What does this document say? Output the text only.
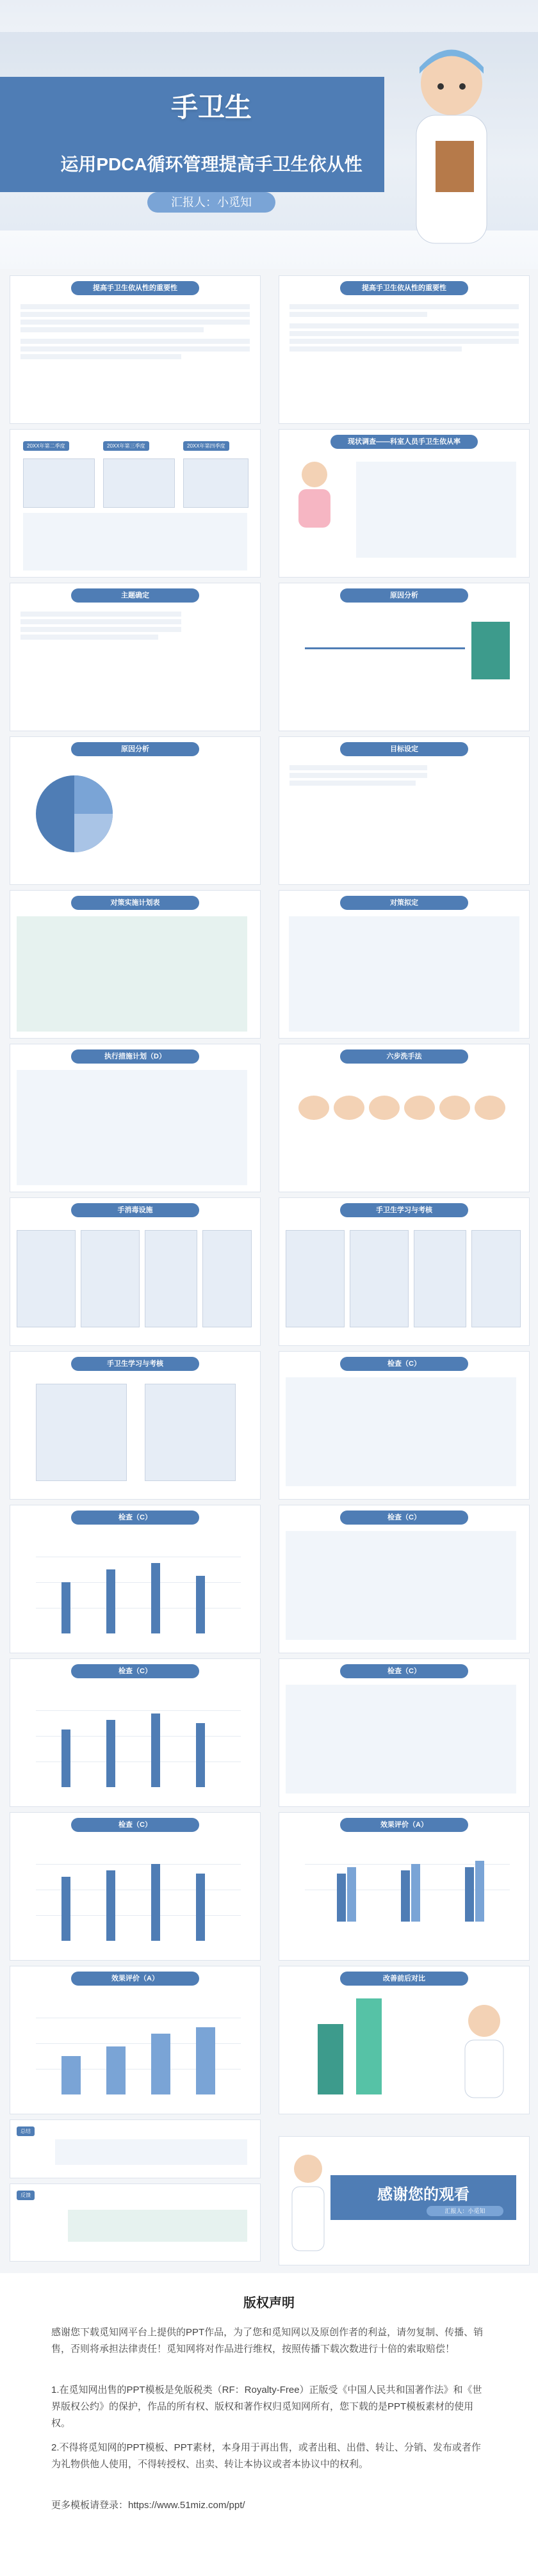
手卫生
运用PDCA循环管理提高手卫生依从性
汇报人：小觅知
提高手卫生依从性的重要性	提高手卫生依从性的重要性
20XX年第二季度	20XX年第三季度	20XX年第四季度
现状调查——科室人员手卫生依从率
主题确定	原因分析
原因分析	目标设定
对策实施计划表	对策拟定
执行措施计划（D）	六步洗手法
手消毒设施	手卫生学习与考核
手卫生学习与考核	检查（C）
检查（C）	检查（C）
检查（C）	检查（C）
检查（C）	效果评价（A）
效果评价（A）	改善前后对比
总结
反馈	感谢您的观看
汇报人：小觅知
版权声明
感谢您下载觅知网平台上提供的PPT作品，为了您和觅知网以及原创作者的利益，请勿复制、传播、销售，否则将承担法律责任！觅知网将对作品进行维权，按照传播下载次数进行十倍的索取赔偿！
1.在觅知网出售的PPT模板是免版税类（RF：Royalty-Free）正版受《中国人民共和国著作法》和《世界版权公约》的保护，作品的所有权、版权和著作权归觅知网所有，您下载的是PPT模板素材的使用权。
2.不得将觅知网的PPT模板、PPT素材，本身用于再出售，或者出租、出借、转让、分销、发布或者作为礼物供他人使用，不得转授权、出卖、转让本协议或者本协议中的权利。
更多模板请登录：https://www.51miz.com/ppt/
